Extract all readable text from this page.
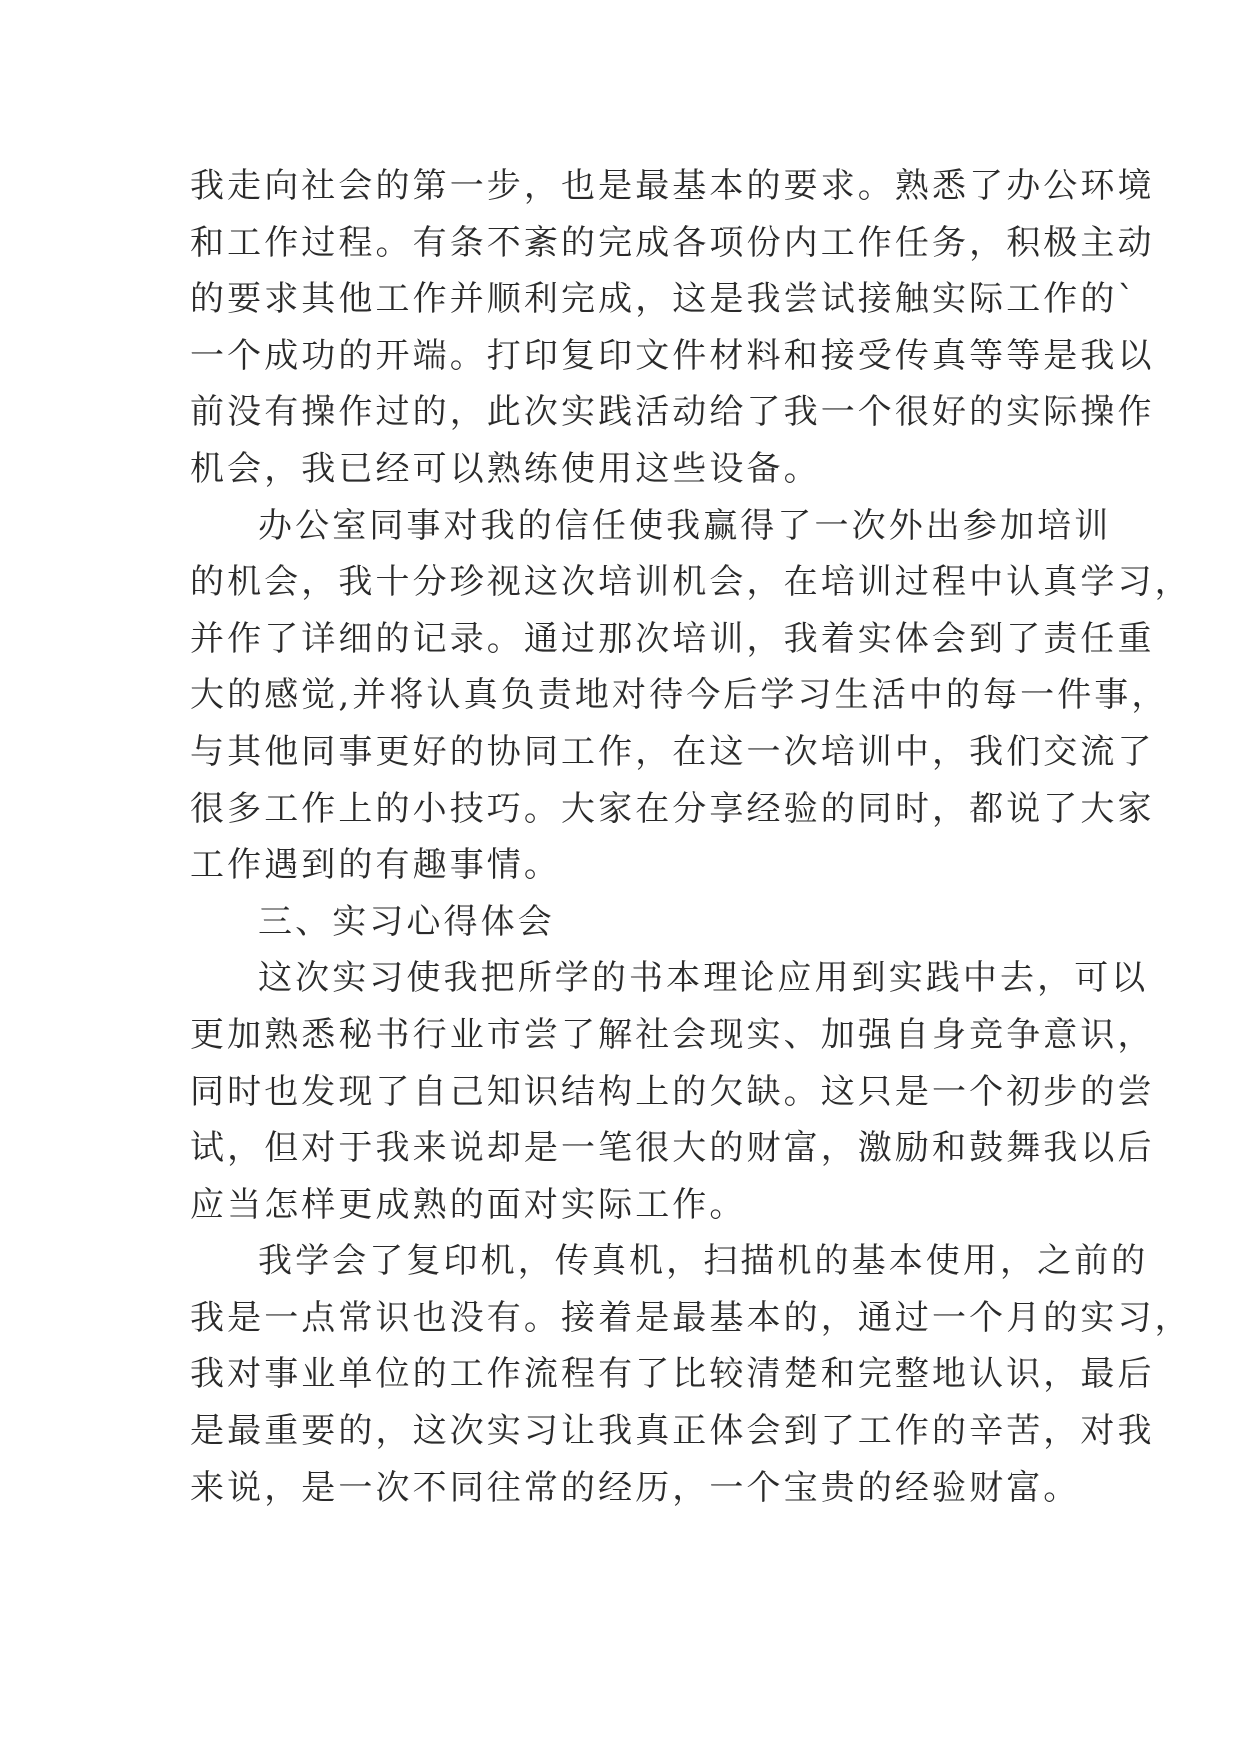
我走向社会的第一步，也是最基本的要求。熟悉了办公环境
和工作过程。有条不紊的完成各项份内工作任务，积极主动
的要求其他工作并顺利完成，这是我尝试接触实际工作的`
一个成功的开端。打印复印文件材料和接受传真等等是我以
前没有操作过的，此次实践活动给了我一个很好的实际操作
机会，我已经可以熟练使用这些设备。
办公室同事对我的信任使我赢得了一次外出参加培训
的机会，我十分珍视这次培训机会，在培训过程中认真学习，
并作了详细的记录。通过那次培训，我着实体会到了责任重
大的感觉,并将认真负责地对待今后学习生活中的每一件事，
与其他同事更好的协同工作，在这一次培训中，我们交流了
很多工作上的小技巧。大家在分享经验的同时，都说了大家
工作遇到的有趣事情。
三、实习心得体会
这次实习使我把所学的书本理论应用到实践中去，可以
更加熟悉秘书行业市尝了解社会现实、加强自身竞争意识，
同时也发现了自己知识结构上的欠缺。这只是一个初步的尝
试，但对于我来说却是一笔很大的财富，激励和鼓舞我以后
应当怎样更成熟的面对实际工作。
我学会了复印机，传真机，扫描机的基本使用，之前的
我是一点常识也没有。接着是最基本的，通过一个月的实习，
我对事业单位的工作流程有了比较清楚和完整地认识，最后
是最重要的，这次实习让我真正体会到了工作的辛苦，对我
来说，是一次不同往常的经历，一个宝贵的经验财富。
